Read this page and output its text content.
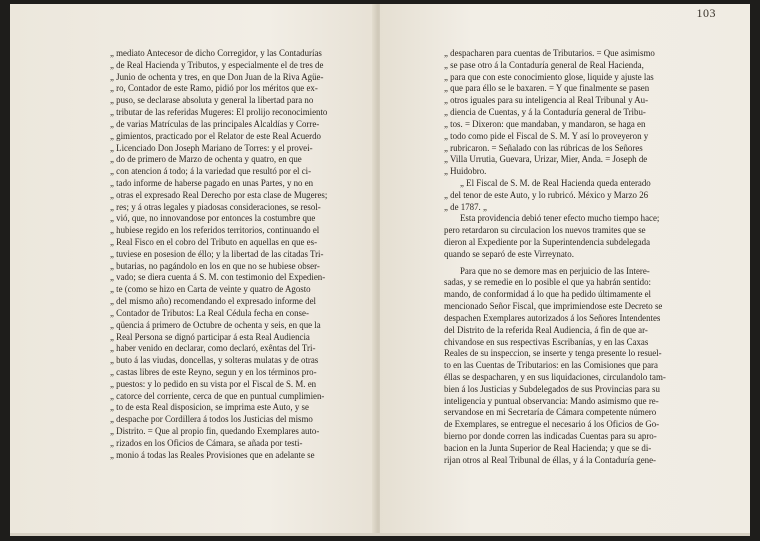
„ mediato Antecesor de dicho Corregidor, y las Contadurías
„ de Real Hacienda y Tributos, y especialmente el de tres de
„ Junio de ochenta y tres, en que Don Juan de la Riva Agüe-
„ ro, Contador de este Ramo, pidió por los méritos que ex-
„ puso, se declarase absoluta y general la libertad para no
„ tributar de las referidas Mugeres: El prolijo reconocimiento
„ de varias Matrículas de las principales Alcaldías y Corre-
„ gimientos, practicado por el Relator de este Real Acuerdo
„ Licenciado Don Joseph Mariano de Torres: y el provei-
„ do de primero de Marzo de ochenta y quatro, en que
„ con atencion á todo; á la variedad que resultó por el ci-
„ tado informe de haberse pagado en unas Partes, y no en
„ otras el expresado Real Derecho por esta clase de Mugeres;
„ res; y á otras legales y piadosas consideraciones, se resol-
„ vió, que, no innovandose por entonces la costumbre que
„ hubiese regido en los referidos territorios, continuando el
„ Real Fisco en el cobro del Tributo en aquellas en que es-
„ tuviese en posesion de éllo; y la libertad de las citadas Tri-
„ butarias, no pagándolo en los en que no se hubiese obser-
„ vado; se diera cuenta á S. M. con testimonio del Expedien-
„ te (como se hizo en Carta de veinte y quatro de Agosto
„ del mismo año) recomendando el expresado informe del
„ Contador de Tributos: La Real Cédula fecha en conse-
„ qüencia á primero de Octubre de ochenta y seis, en que la
„ Real Persona se dignó participar á esta Real Audiencia
„ haber venido en declarar, como declaró, exêntas del Tri-
„ buto á las viudas, doncellas, y solteras mulatas y de otras
„ castas libres de este Reyno, segun y en los términos pro-
„ puestos: y lo pedido en su vista por el Fiscal de S. M. en
„ catorce del corriente, cerca de que en puntual cumplimien-
„ to de esta Real disposicion, se imprima este Auto, y se
„ despache por Cordillera á todos los Justicias del mismo
„ Distrito. = Que al propio fin, quedando Exemplares auto-
„ rizados en los Oficios de Cámara, se añada por testi-
„ monio á todas las Reales Provisiones que en adelante se
103
„ despacharen para cuentas de Tributarios. = Que asimismo
„ se pase otro á la Contaduría general de Real Hacienda,
„ para que con este conocimiento glose, liquide y ajuste las
„ que para éllo se le baxaren. = Y que finalmente se pasen
„ otros iguales para su inteligencia al Real Tribunal y Au-
„ diencia de Cuentas, y á la Contaduría general de Tribu-
„ tos. = Dixeron: que mandaban, y mandaron, se haga en
„ todo como pide el Fiscal de S. M. Y así lo proveyeron y
„ rubricaron. = Señalado con las rúbricas de los Señores
„ Villa Urrutia, Guevara, Urizar, Mier, Anda. = Joseph de
„ Huidobro.
„ El Fiscal de S. M. de Real Hacienda queda enterado
„ del tenor de este Auto, y lo rubricó. México y Marzo 26
„ de 1787. „
Esta providencia debió tener efecto mucho tiempo hace;
pero retardaron su circulacion los nuevos tramites que se
dieron al Expediente por la Superintendencia subdelegada
quando se separó de este Virreynato.
Para que no se demore mas en perjuicio de las Intere-
sadas, y se remedie en lo posible el que ya habrán sentido:
mando, de conformidad á lo que ha pedido últimamente el
mencionado Señor Fiscal, que imprimiendose este Decreto se
despachen Exemplares autorizados á los Señores Intendentes
del Distrito de la referida Real Audiencia, á fin de que ar-
chivandose en sus respectivas Escribanías, y en las Caxas
Reales de su inspeccion, se inserte y tenga presente lo resuel-
to en las Cuentas de Tributarios: en las Comisiones que para
éllas se despacharen, y en sus liquidaciones, circulandolo tam-
bien á los Justicias y Subdelegados de sus Provincias para su
inteligencia y puntual observancia: Mando asimismo que re-
servandose en mi Secretaría de Cámara competente número
de Exemplares, se entregue el necesario á los Oficios de Go-
bierno por donde corren las indicadas Cuentas para su apro-
bacion en la Junta Superior de Real Hacienda; y que se di-
rijan otros al Real Tribunal de éllas, y á la Contaduría gene-
